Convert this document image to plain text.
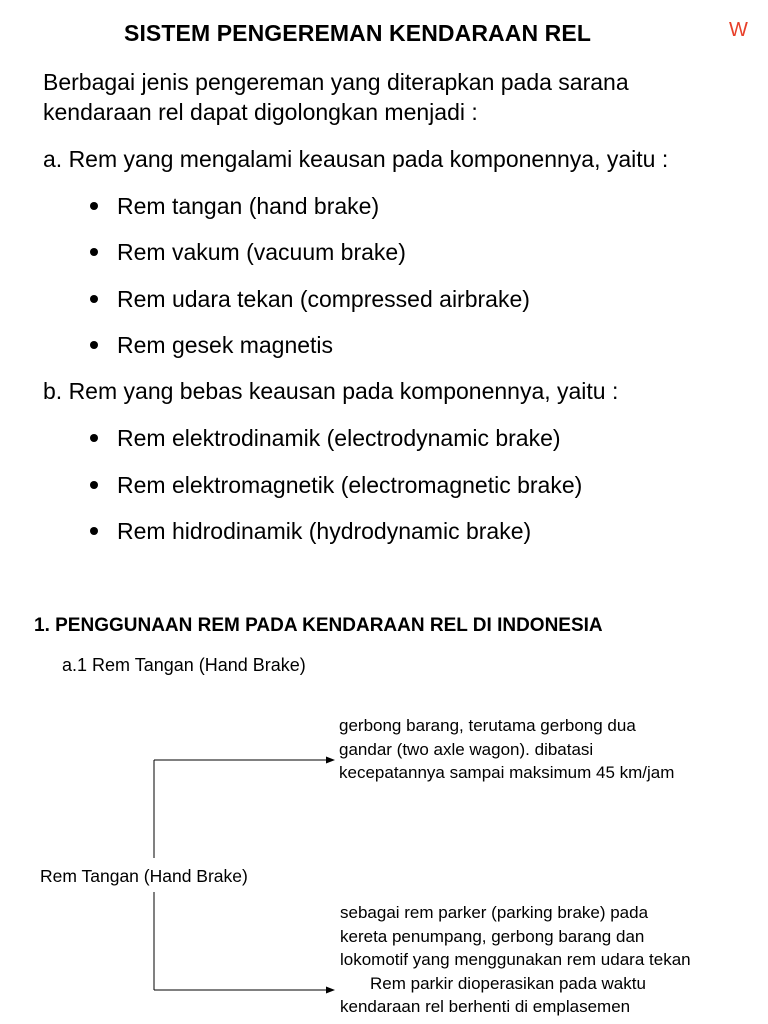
SISTEM PENGEREMAN KENDARAAN REL	W
Berbagai jenis pengereman yang diterapkan pada sarana kendaraan rel dapat digolongkan menjadi :
a. Rem yang mengalami keausan pada komponennya, yaitu :
Rem tangan (hand brake)
Rem vakum (vacuum brake)
Rem udara tekan (compressed airbrake)
Rem gesek magnetis
b. Rem yang bebas keausan pada komponennya, yaitu :
Rem elektrodinamik (electrodynamic brake)
Rem elektromagnetik (electromagnetic brake)
Rem hidrodinamik (hydrodynamic brake)
1. PENGGUNAAN REM PADA KENDARAAN REL DI INDONESIA
a.1 Rem Tangan (Hand Brake)
Rem Tangan (Hand Brake)
gerbong barang, terutama gerbong dua gandar (two axle wagon). dibatasi kecepatannya sampai maksimum 45 km/jam
sebagai rem parker (parking brake) pada kereta penumpang, gerbong barang dan lokomotif yang menggunakan rem udara tekan
Rem parkir dioperasikan pada waktu kendaraan rel berhenti di emplasemen
